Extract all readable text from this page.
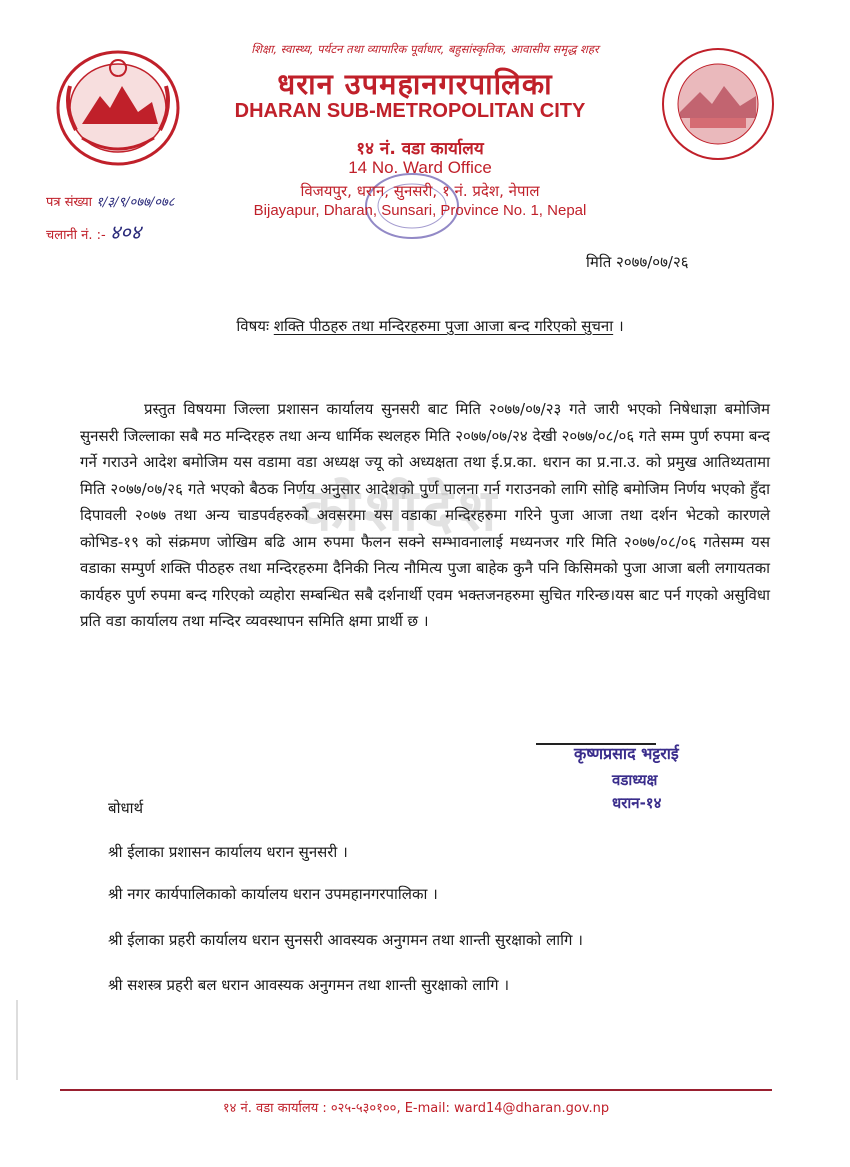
शिक्षा, स्वास्थ्य, पर्यटन तथा व्यापारिक पूर्वाधार, बहुसांस्कृतिक, आवासीय समृद्ध शहर
धरान उपमहानगरपालिका
DHARAN SUB-METROPOLITAN CITY
१४ नं. वडा कार्यालय
14 No. Ward Office
विजयपुर, धरान, सुनसरी, १ नं. प्रदेश, नेपाल
Bijayapur, Dharan, Sunsari, Province No. 1, Nepal
पत्र संख्या १/३/९/०७७/०७८
चलानी नं. :- ४०४
मिति २०७७/०७/२६
विषयः शक्ति पीठहरु तथा मन्दिरहरुमा पुजा आजा बन्द गरिएको सुचना ।
कोशीदेश

प्रस्तुत विषयमा जिल्ला प्रशासन कार्यालय सुनसरी बाट मिति २०७७/०७/२३ गते जारी भएको निषेधाज्ञा बमोजिम सुनसरी जिल्लाका सबै मठ मन्दिरहरु तथा अन्य धार्मिक स्थलहरु मिति २०७७/०७/२४ देखी २०७७/०८/०६ गते सम्म पुर्ण रुपमा बन्द गर्ने गराउने आदेश बमोजिम यस वडामा वडा अध्यक्ष ज्यू को अध्यक्षता तथा ई.प्र.का. धरान का प्र.ना.उ. को प्रमुख आतिथ्यतामा मिति २०७७/०७/२६ गते भएको बैठक निर्णय अनुसार आदेशको पुर्ण पालना गर्न गराउनको लागि सोहि बमोजिम निर्णय भएको हुँदा दिपावली २०७७ तथा अन्य चाडपर्वहरुको अवसरमा यस वडाका मन्दिरहरुमा गरिने पुजा आजा तथा दर्शन भेटको कारणले कोभिड-१९ को संक्रमण जोखिम बढि आम रुपमा फैलन सक्ने सम्भावनालाई मध्यनजर गरि मिति २०७७/०८/०६ गतेसम्म यस वडाका सम्पुर्ण शक्ति पीठहरु तथा मन्दिरहरुमा दैनिकी नित्य नौमित्य पुजा बाहेक कुनै पनि किसिमको पुजा आजा बली लगायतका कार्यहरु पुर्ण रुपमा बन्द गरिएको व्यहोरा सम्बन्धित सबै दर्शनार्थी एवम भक्तजनहरुमा सुचित गरिन्छ।यस बाट पर्न गएको असुविधा प्रति वडा कार्यालय तथा मन्दिर व्यवस्थापन समिति क्षमा प्रार्थी छ ।

कृष्णप्रसाद भट्टराई
वडाध्यक्ष
धरान-१४
बोधार्थ
श्री ईलाका प्रशासन कार्यालय धरान सुनसरी ।
श्री नगर कार्यपालिकाको कार्यालय धरान उपमहानगरपालिका ।
श्री ईलाका प्रहरी कार्यालय धरान सुनसरी आवस्यक अनुगमन तथा शान्ती सुरक्षाको लागि ।
श्री सशस्त्र प्रहरी बल धरान आवस्यक अनुगमन तथा शान्ती सुरक्षाको लागि ।
१४ नं. वडा कार्यालय : ०२५-५३०१००, E-mail: ward14@dharan.gov.np
